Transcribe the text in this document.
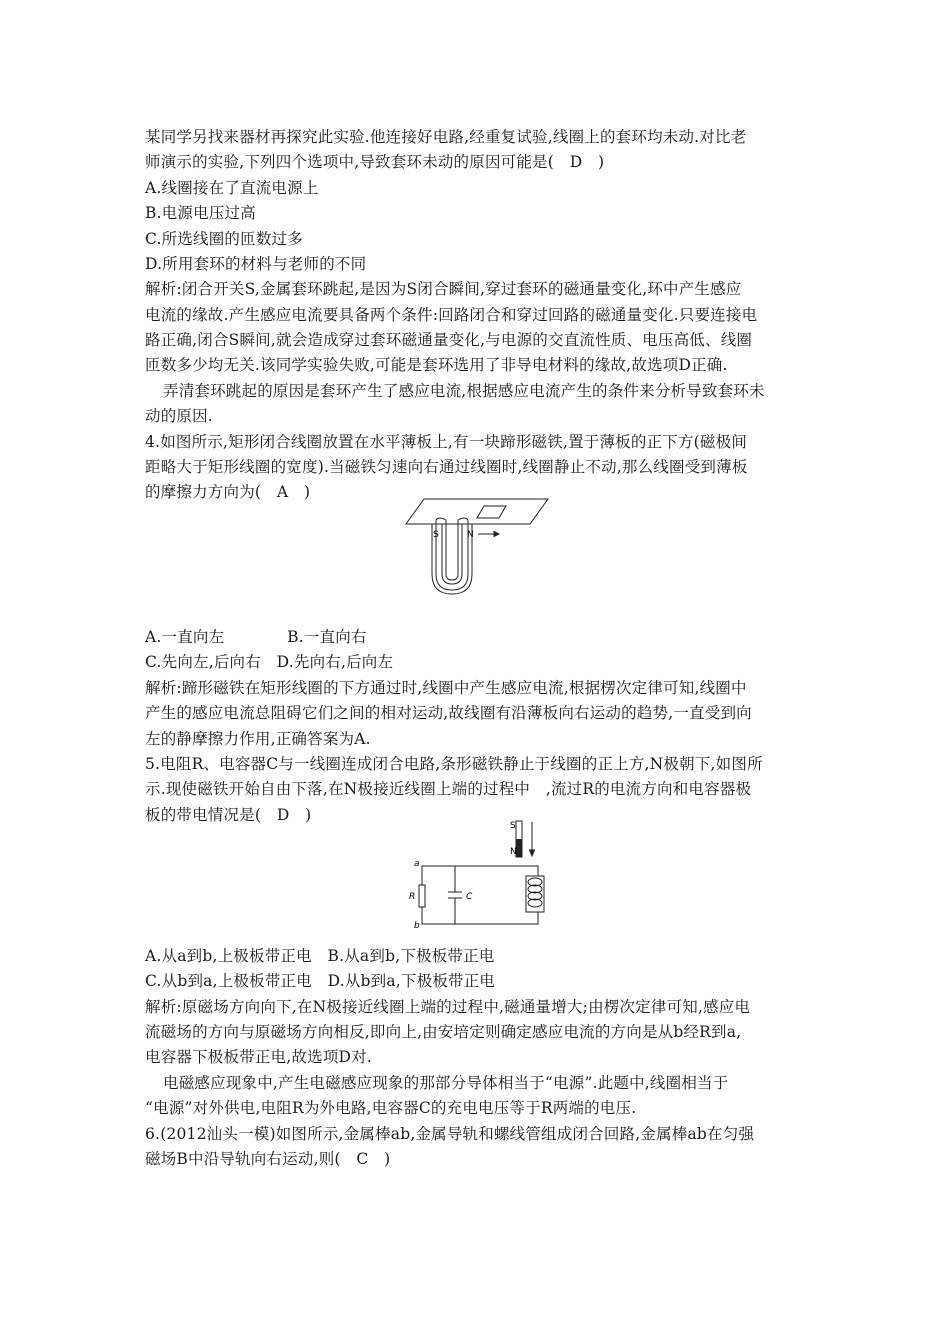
某同学另找来器材再探究此实验.他连接好电路,经重复试验,线圈上的套环均未动.对比老
师演示的实验,下列四个选项中,导致套环未动的原因可能是(　D　)
A.线圈接在了直流电源上
B.电源电压过高
C.所选线圈的匝数过多
D.所用套环的材料与老师的不同
解析:闭合开关S,金属套环跳起,是因为S闭合瞬间,穿过套环的磁通量变化,环中产生感应
电流的缘故.产生感应电流要具备两个条件:回路闭合和穿过回路的磁通量变化.只要连接电
路正确,闭合S瞬间,就会造成穿过套环磁通量变化,与电源的交直流性质、电压高低、线圈
匝数多少均无关.该同学实验失败,可能是套环选用了非导电材料的缘故,故选项D正确.
弄清套环跳起的原因是套环产生了感应电流,根据感应电流产生的条件来分析导致套环未
动的原因.
4.如图所示,矩形闭合线圈放置在水平薄板上,有一块蹄形磁铁,置于薄板的正下方(磁极间
距略大于矩形线圈的宽度).当磁铁匀速向右通过线圈时,线圈静止不动,那么线圈受到薄板
的摩擦力方向为(　A　)
S	N
A.一直向左　　　　B.一直向右
C.先向左,后向右　D.先向右,后向左
解析:蹄形磁铁在矩形线圈的下方通过时,线圈中产生感应电流,根据楞次定律可知,线圈中
产生的感应电流总阻碍它们之间的相对运动,故线圈有沿薄板向右运动的趋势,一直受到向
左的静摩擦力作用,正确答案为A.
5.电阻R、电容器C与一线圈连成闭合电路,条形磁铁静止于线圈的正上方,N极朝下,如图所
示.现使磁铁开始自由下落,在N极接近线圈上端的过程中　,流过R的电流方向和电容器极
板的带电情况是(　D　)
S
N
a
b
R	C
A.从a到b,上极板带正电　B.从a到b,下极板带正电
C.从b到a,上极板带正电　D.从b到a,下极板带正电
解析:原磁场方向向下,在N极接近线圈上端的过程中,磁通量增大;由楞次定律可知,感应电
流磁场的方向与原磁场方向相反,即向上,由安培定则确定感应电流的方向是从b经R到a,
电容器下极板带正电,故选项D对.
电磁感应现象中,产生电磁感应现象的那部分导体相当于“电源”.此题中,线圈相当于
“电源”对外供电,电阻R为外电路,电容器C的充电电压等于R两端的电压.
6.(2012汕头一模)如图所示,金属棒ab,金属导轨和螺线管组成闭合回路,金属棒ab在匀强
磁场B中沿导轨向右运动,则(　C　)
